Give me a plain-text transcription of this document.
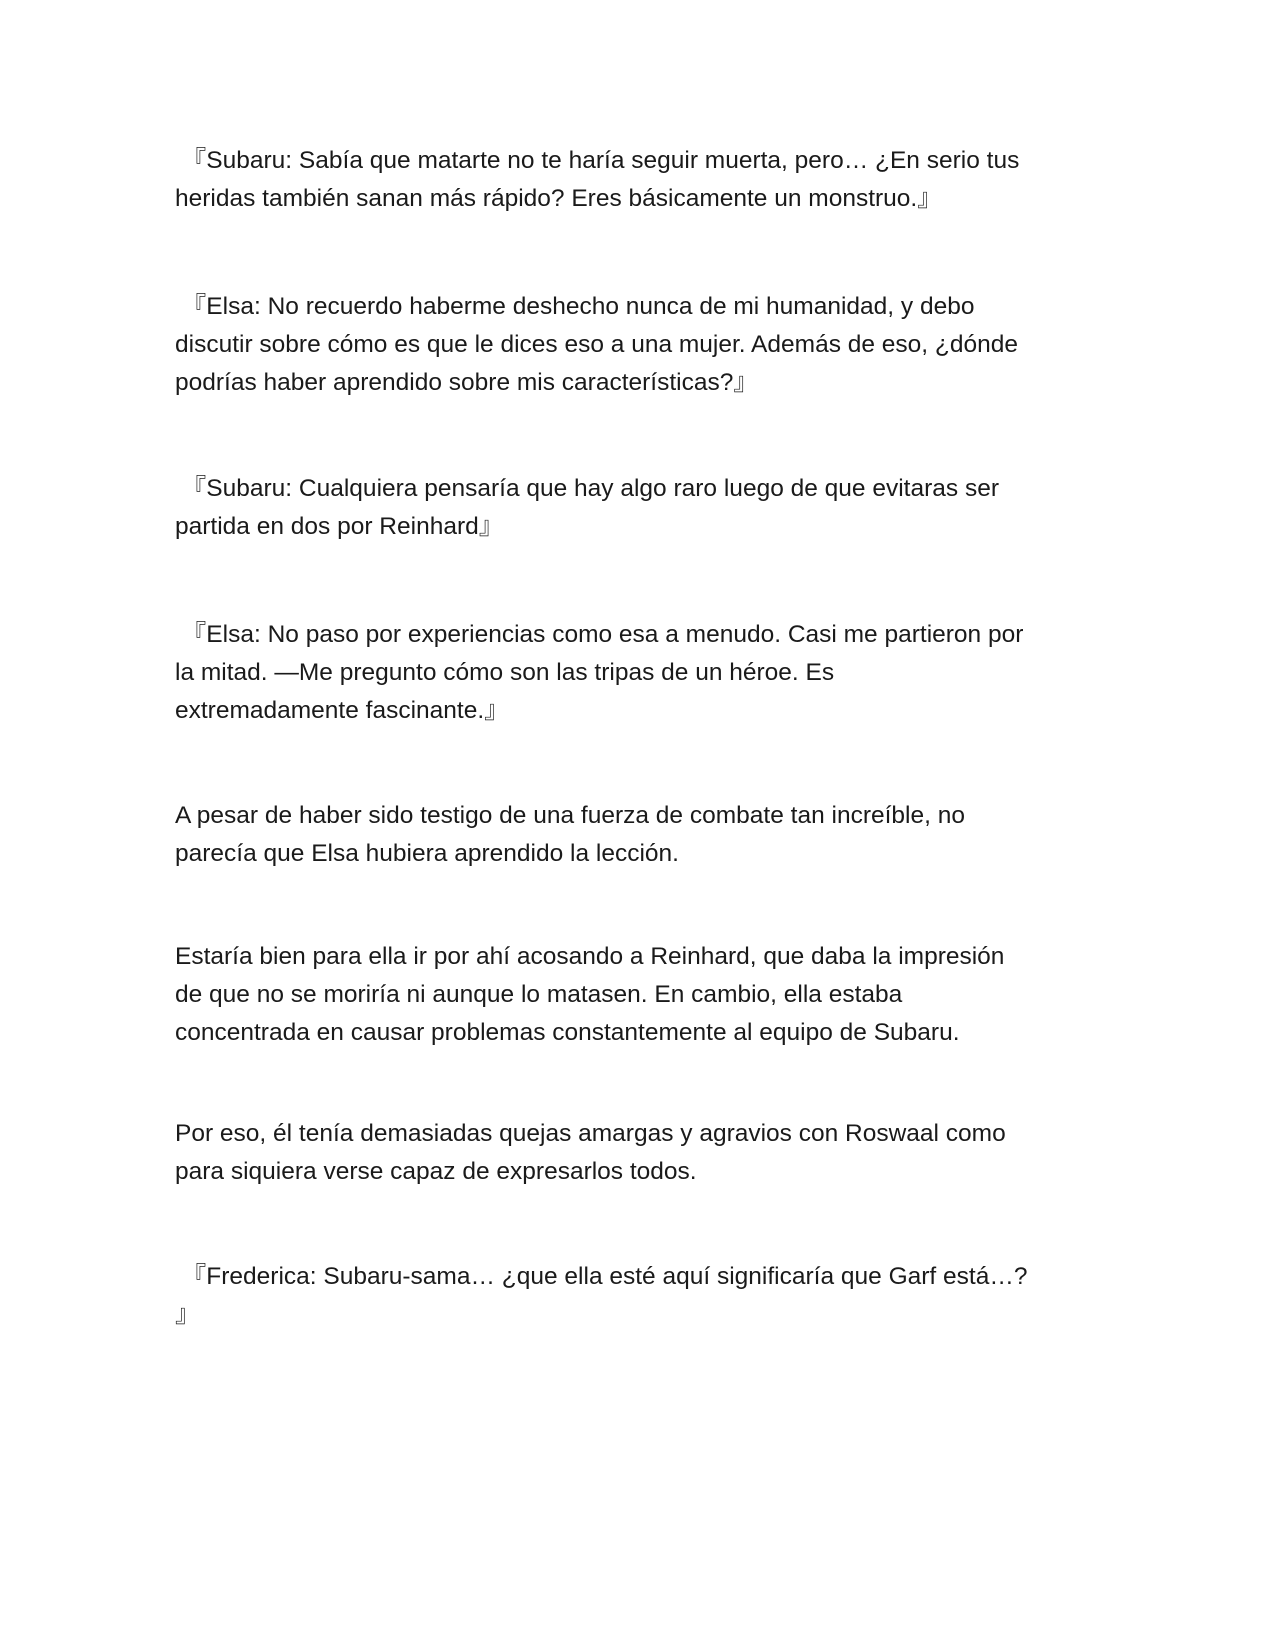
『Subaru: Sabía que matarte no te haría seguir muerta, pero… ¿En serio tus
heridas también sanan más rápido? Eres básicamente un monstruo.』

『Elsa: No recuerdo haberme deshecho nunca de mi humanidad, y debo
discutir sobre cómo es que le dices eso a una mujer. Además de eso, ¿dónde
podrías haber aprendido sobre mis características?』

『Subaru: Cualquiera pensaría que hay algo raro luego de que evitaras ser
partida en dos por Reinhard』

『Elsa: No paso por experiencias como esa a menudo. Casi me partieron por
la mitad. —Me pregunto cómo son las tripas de un héroe. Es
extremadamente fascinante.』

A pesar de haber sido testigo de una fuerza de combate tan increíble, no
parecía que Elsa hubiera aprendido la lección.

Estaría bien para ella ir por ahí acosando a Reinhard, que daba la impresión
de que no se moriría ni aunque lo matasen. En cambio, ella estaba
concentrada en causar problemas constantemente al equipo de Subaru.

Por eso, él tenía demasiadas quejas amargas y agravios con Roswaal como
para siquiera verse capaz de expresarlos todos.

『Frederica: Subaru-sama… ¿que ella esté aquí significaría que Garf está…?
』
